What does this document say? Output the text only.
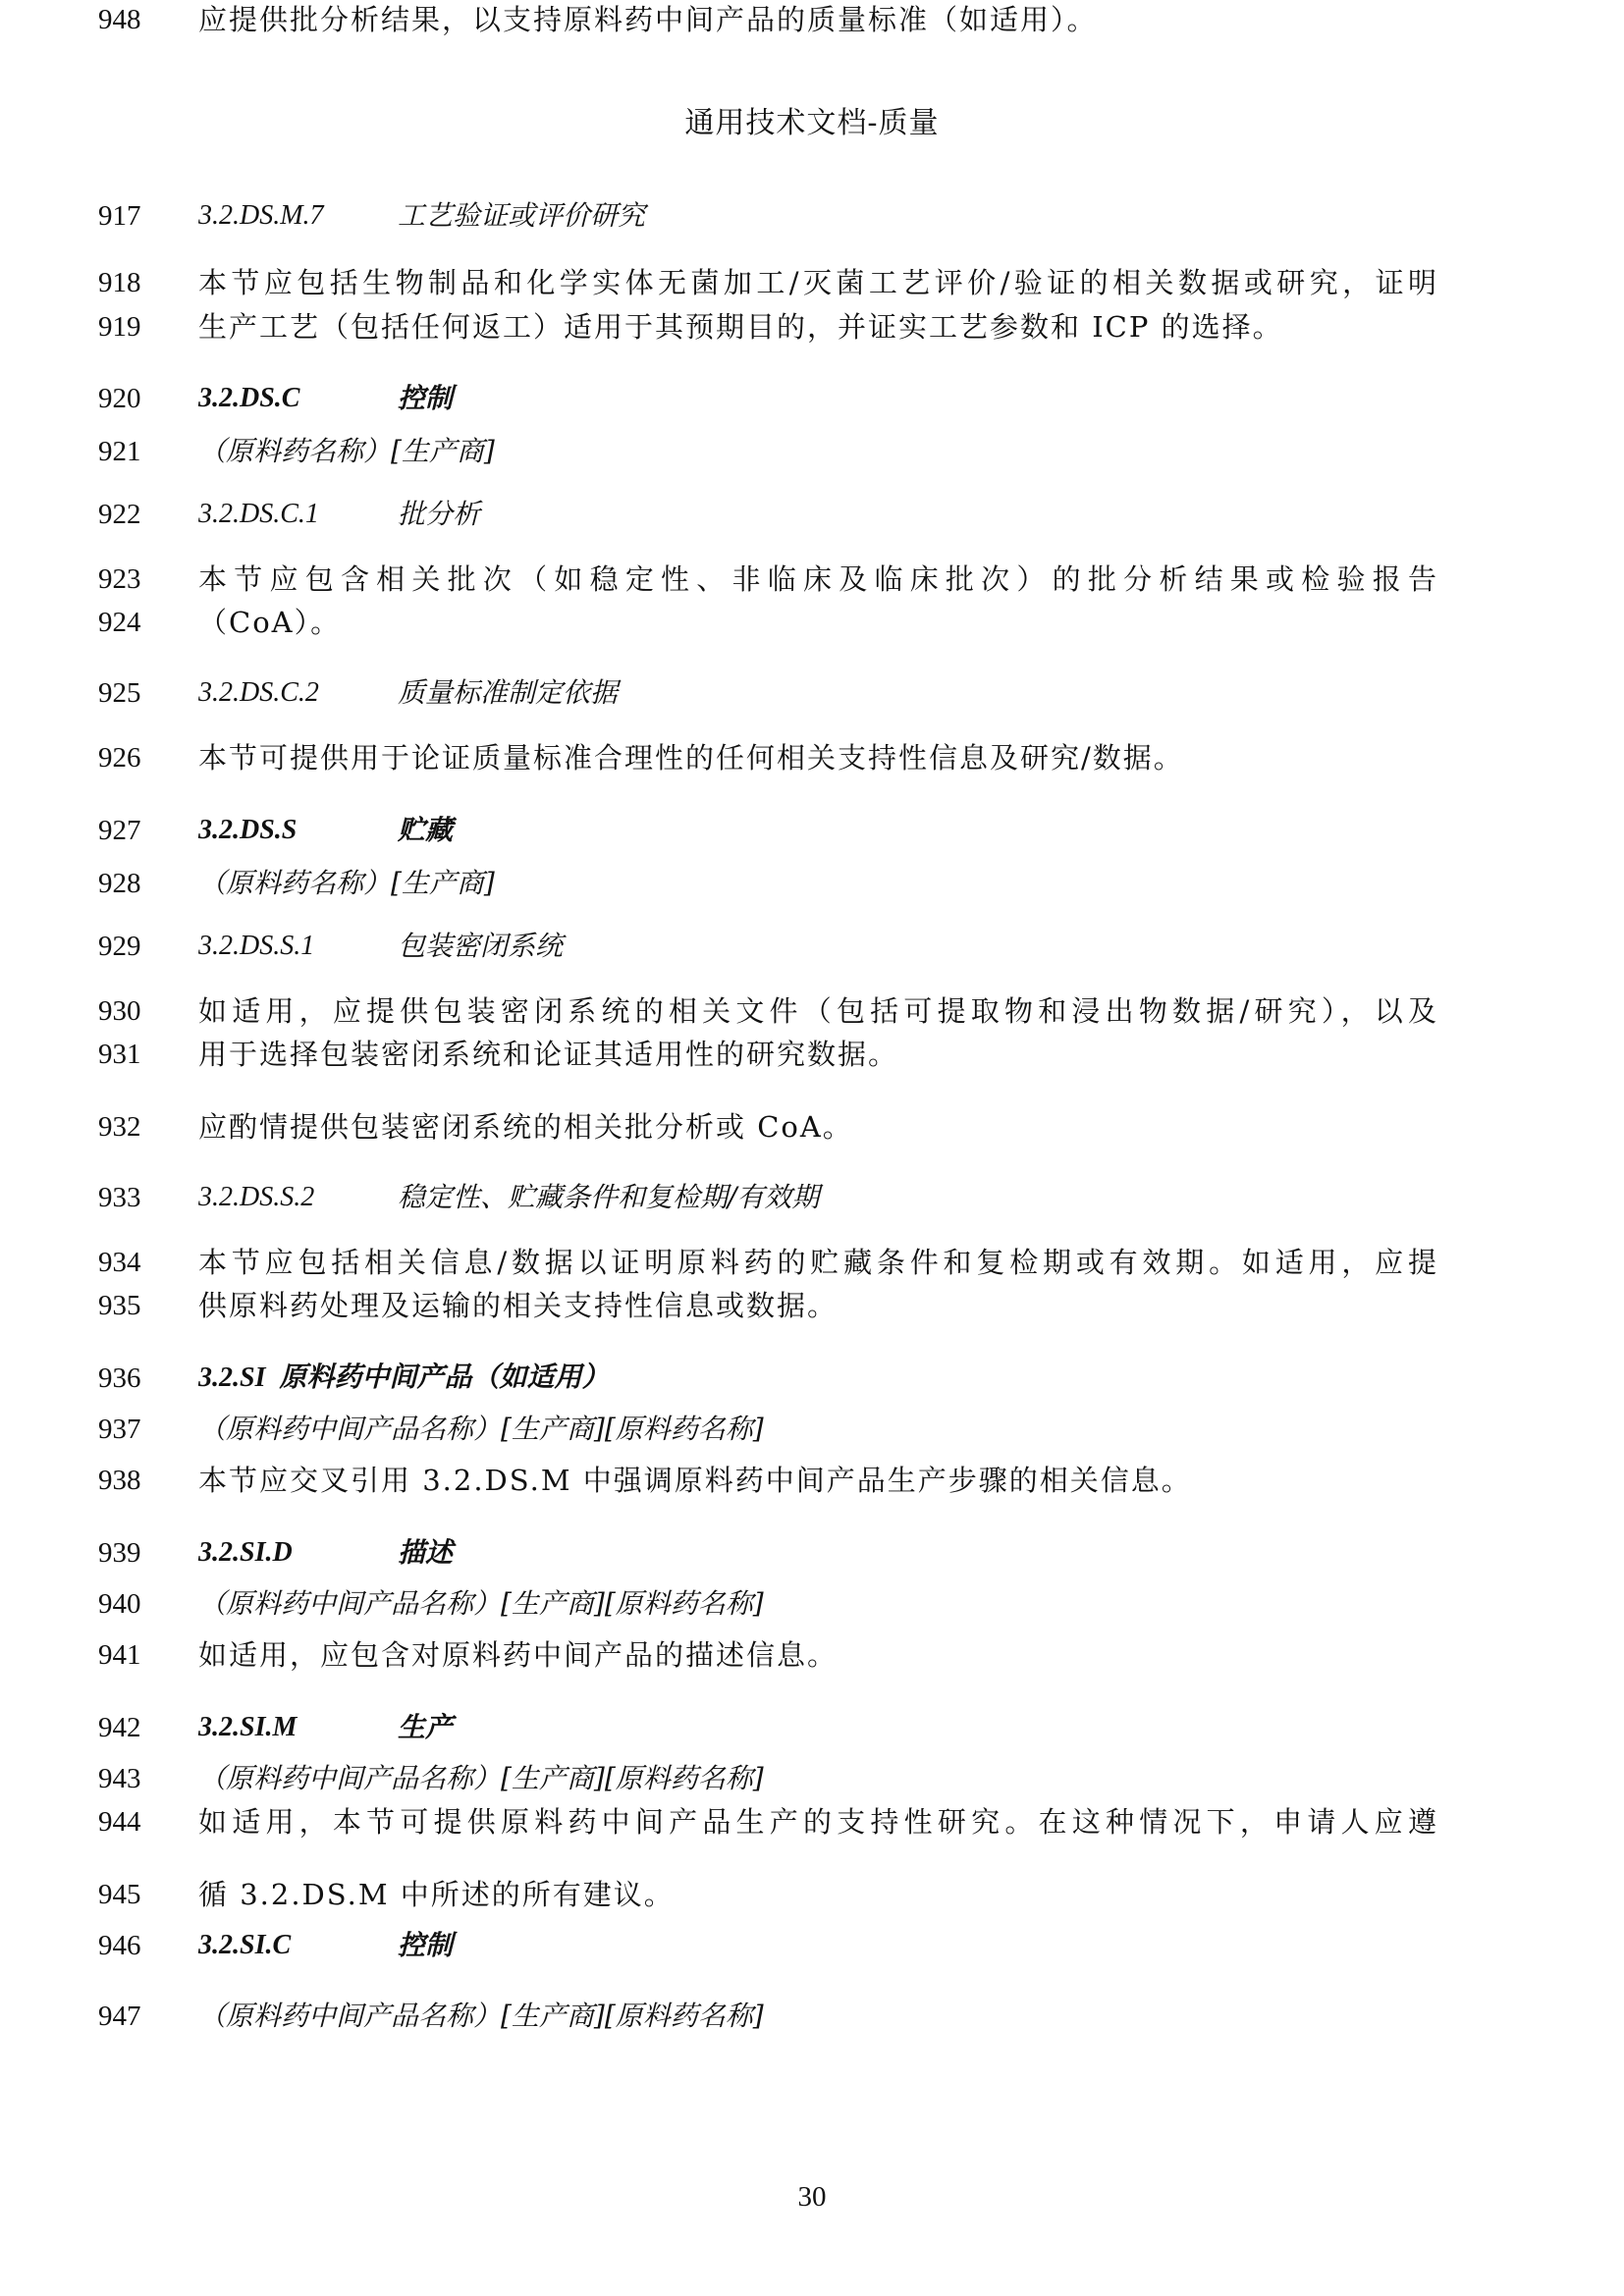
通用技术文档-质量
917	3.2.DS.M.7	工艺验证或评价研究
918	本节应包括生物制品和化学实体无菌加工/灭菌工艺评价/验证的相关数据或研究，证明
919	生产工艺（包括任何返工）适用于其预期目的，并证实工艺参数和 ICP 的选择。
920	3.2.DS.C	控制
921	（原料药名称）[生产商]
922	3.2.DS.C.1	批分析
923	本节应包含相关批次（如稳定性、非临床及临床批次）的批分析结果或检验报告
924	（CoA）。
925	3.2.DS.C.2	质量标准制定依据
926	本节可提供用于论证质量标准合理性的任何相关支持性信息及研究/数据。
927	3.2.DS.S	贮藏
928	（原料药名称）[生产商]
929	3.2.DS.S.1	包装密闭系统
930	如适用，应提供包装密闭系统的相关文件（包括可提取物和浸出物数据/研究），以及
931	用于选择包装密闭系统和论证其适用性的研究数据。
932	应酌情提供包装密闭系统的相关批分析或 CoA。
933	3.2.DS.S.2	稳定性、贮藏条件和复检期/有效期
934	本节应包括相关信息/数据以证明原料药的贮藏条件和复检期或有效期。如适用，应提
935	供原料药处理及运输的相关支持性信息或数据。
936	3.2.SI 原料药中间产品（如适用）
937	（原料药中间产品名称）[生产商][原料药名称]
938	本节应交叉引用 3.2.DS.M 中强调原料药中间产品生产步骤的相关信息。
939	3.2.SI.D	描述
940	（原料药中间产品名称）[生产商][原料药名称]
941	如适用，应包含对原料药中间产品的描述信息。
942	3.2.SI.M	生产
943	（原料药中间产品名称）[生产商][原料药名称]
944	如适用，本节可提供原料药中间产品生产的支持性研究。在这种情况下，申请人应遵
945	循 3.2.DS.M 中所述的所有建议。
946	3.2.SI.C	控制
947	（原料药中间产品名称）[生产商][原料药名称]
948	应提供批分析结果，以支持原料药中间产品的质量标准（如适用）。
30
